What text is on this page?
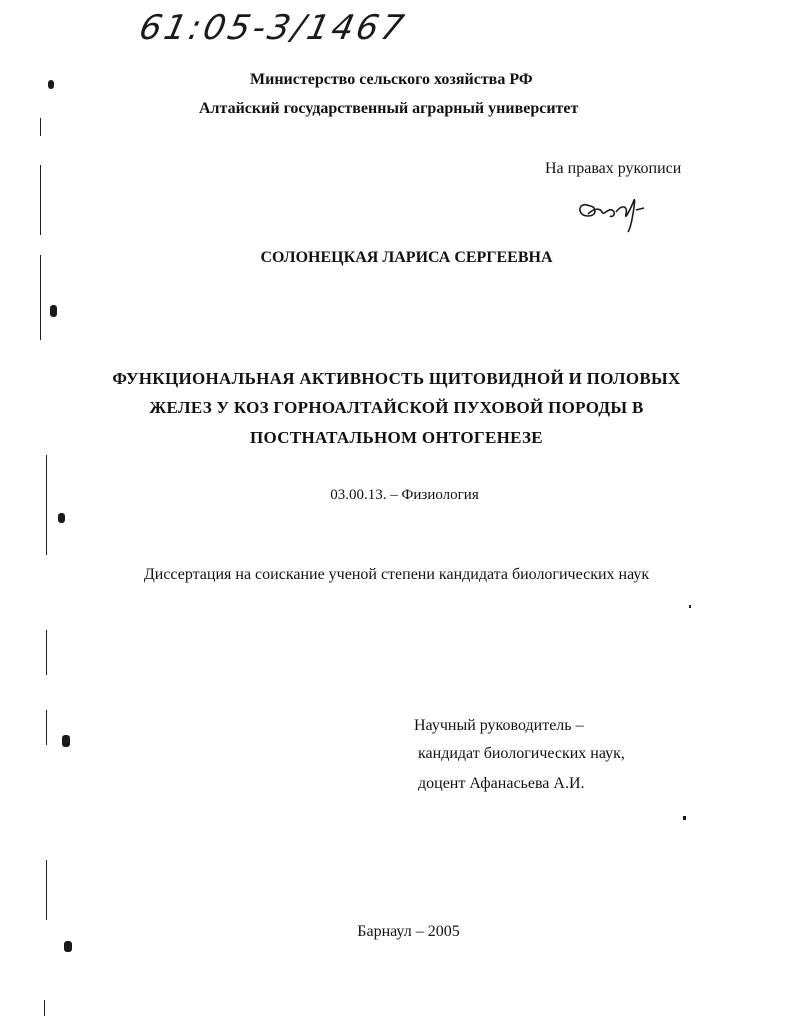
61:05-3/1467
Министерство сельского хозяйства РФ
Алтайский государственный аграрный университет
На правах рукописи
СОЛОНЕЦКАЯ ЛАРИСА СЕРГЕЕВНА
ФУНКЦИОНАЛЬНАЯ АКТИВНОСТЬ ЩИТОВИДНОЙ И ПОЛОВЫХ
ЖЕЛЕЗ У КОЗ ГОРНОАЛТАЙСКОЙ ПУХОВОЙ ПОРОДЫ В
ПОСТНАТАЛЬНОМ ОНТОГЕНЕЗЕ
03.00.13. – Физиология
Диссертация на соискание ученой степени кандидата биологических наук
Научный руководитель –
кандидат биологических наук,
доцент Афанасьева А.И.
Барнаул – 2005
